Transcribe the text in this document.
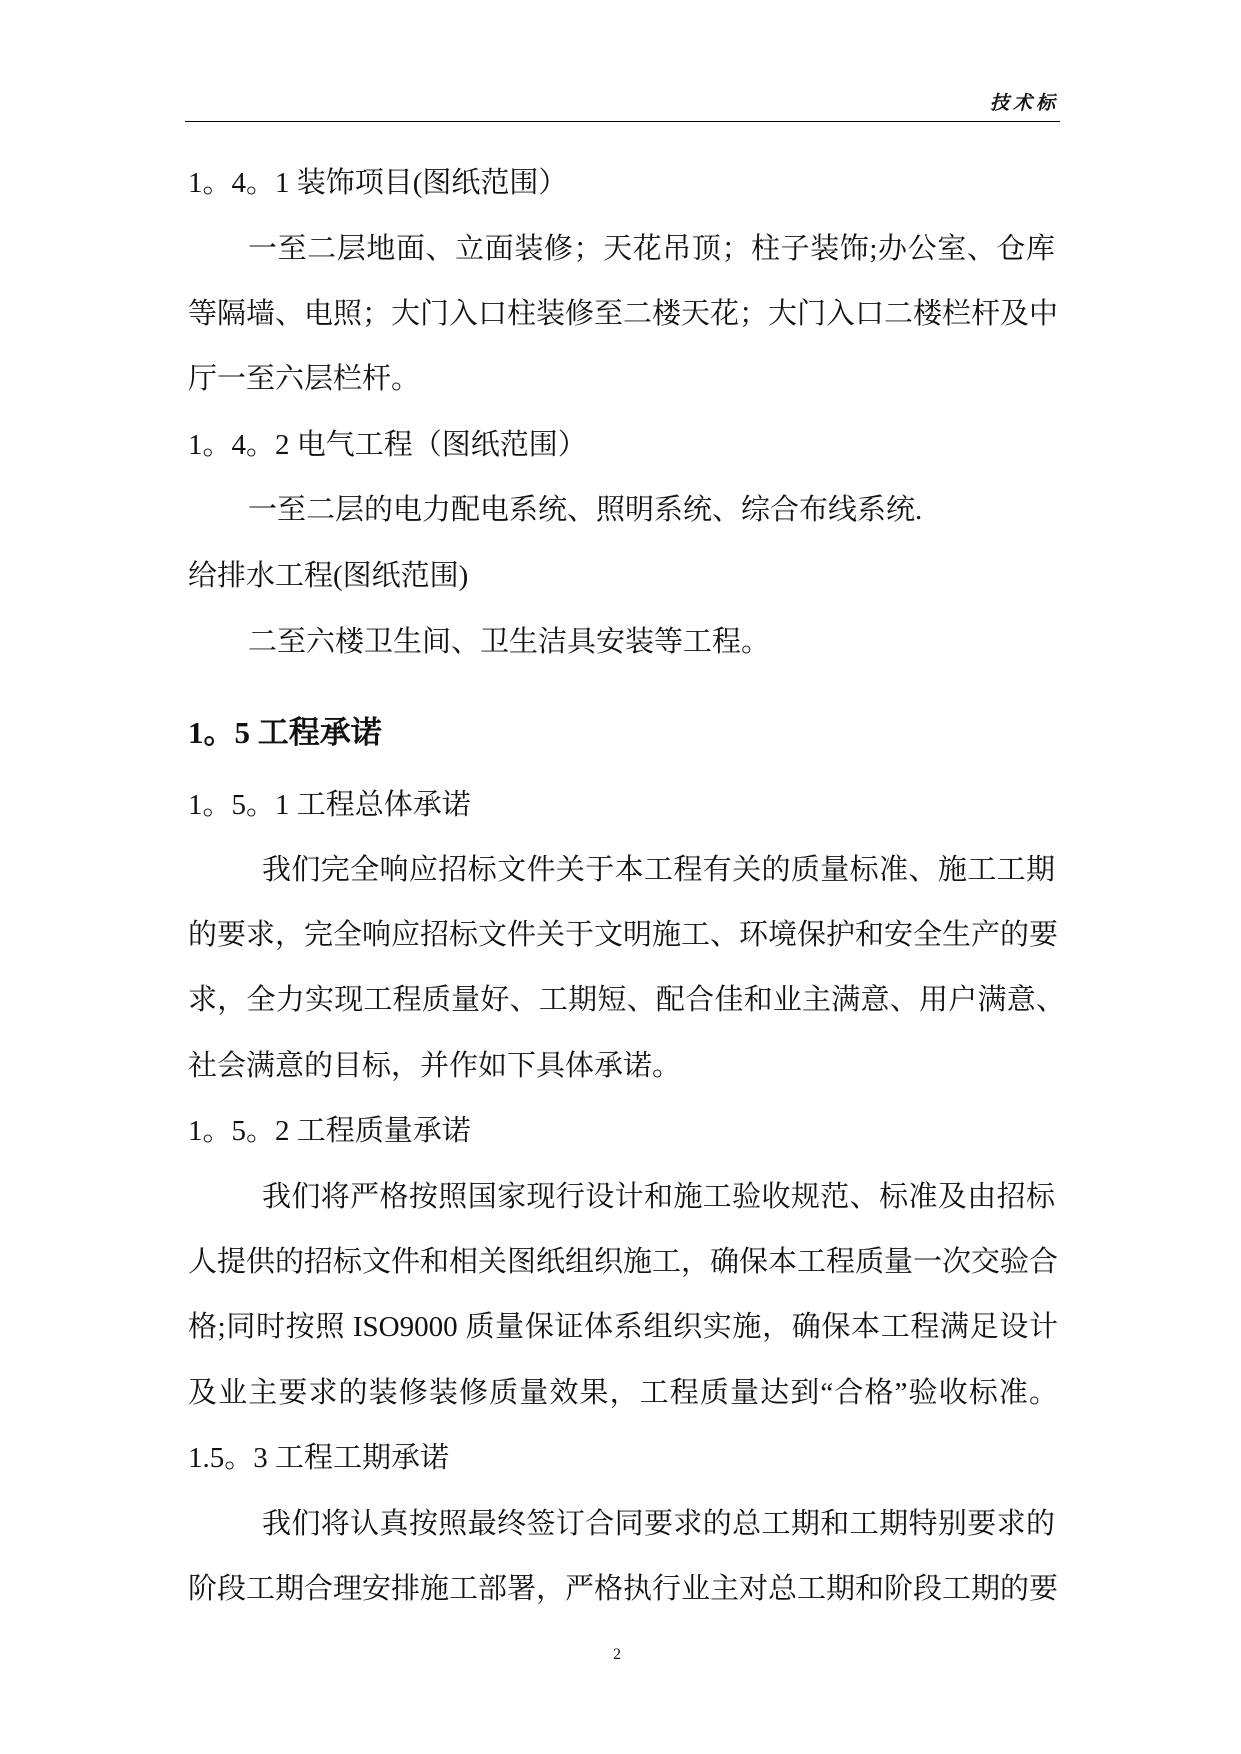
技术标
1。4。1 装饰项目(图纸范围）
一至二层地面、立面装修；天花吊顶；柱子装饰;办公室、仓库
等隔墙、电照；大门入口柱装修至二楼天花；大门入口二楼栏杆及中
厅一至六层栏杆。
1。4。2 电气工程（图纸范围）
一至二层的电力配电系统、照明系统、综合布线系统.
给排水工程(图纸范围)
二至六楼卫生间、卫生洁具安装等工程。
1。5 工程承诺
1。5。1 工程总体承诺
我们完全响应招标文件关于本工程有关的质量标准、施工工期
的要求，完全响应招标文件关于文明施工、环境保护和安全生产的要
求，全力实现工程质量好、工期短、配合佳和业主满意、用户满意、
社会满意的目标，并作如下具体承诺。
1。5。2 工程质量承诺
我们将严格按照国家现行设计和施工验收规范、标准及由招标
人提供的招标文件和相关图纸组织施工，确保本工程质量一次交验合
格;同时按照 ISO9000 质量保证体系组织实施，确保本工程满足设计
及业主要求的装修装修质量效果，工程质量达到“合格”验收标准。
1.5。3 工程工期承诺
我们将认真按照最终签订合同要求的总工期和工期特别要求的
阶段工期合理安排施工部署，严格执行业主对总工期和阶段工期的要
2
